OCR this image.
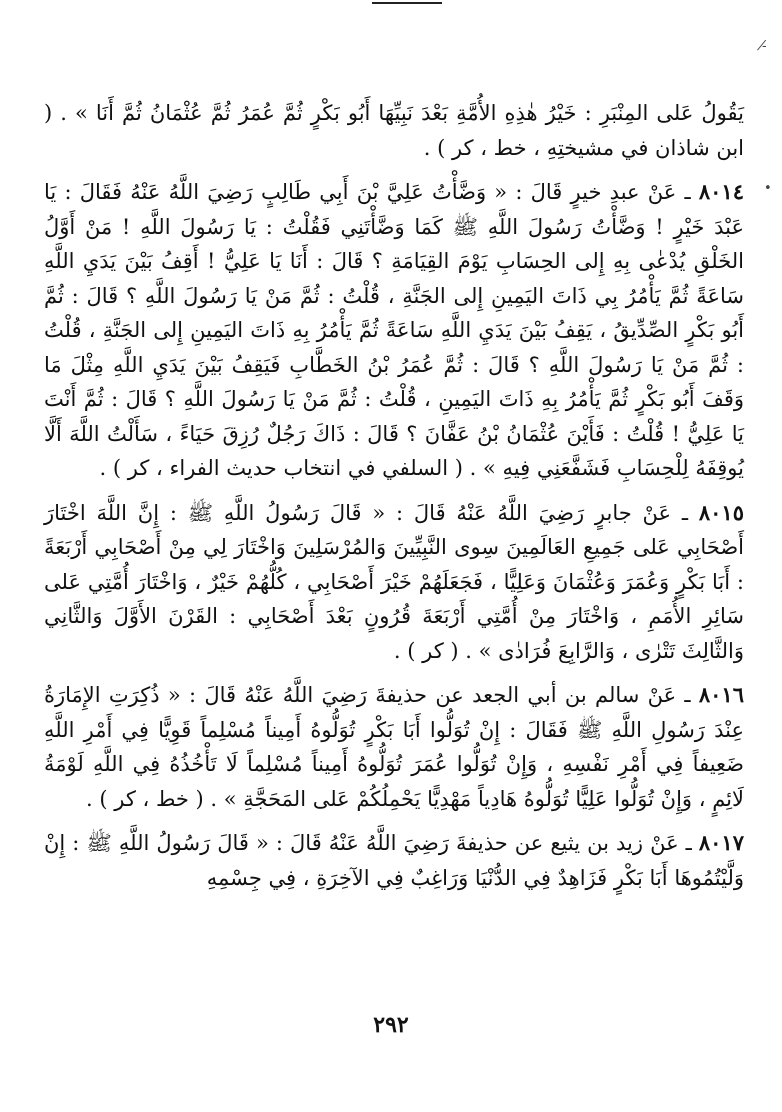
‐̸
•

يَقُولُ عَلى المِنْبَرِ : خَيْرُ هٰذِهِ الأُمَّةِ بَعْدَ نَبِيِّهَا أَبُو بَكْرٍ ثُمَّ عُمَرُ ثُمَّ عُثْمَانُ ثُمَّ أَنَا » . ( ابن شاذان في مشيختِهِ ، خط ، كر ) .

٨٠١٤ ـ عَنْ عبدِ خيرٍ قَالَ : « وَضَّأْتُ عَلِيَّ بْنَ أَبِي طَالِبٍ رَضِيَ اللَّهُ عَنْهُ فَقَالَ : يَا عَبْدَ خَيْرٍ ! وَضَّأْتُ رَسُولَ اللَّهِ ﷺ كَمَا وَضَّأْتَنِي فَقُلْتُ : يَا رَسُولَ اللَّهِ ! مَنْ أَوَّلُ الخَلْقِ يُدْعٰى بِهِ إِلى الحِسَابِ يَوْمَ القِيَامَةِ ؟ قَالَ : أَنَا يَا عَلِيُّ ! أَقِفُ بَيْنَ يَدَيِ اللَّهِ سَاعَةً ثُمَّ يَأْمُرُ بِي ذَاتَ اليَمِينِ إِلى الجَنَّةِ ، قُلْتُ : ثُمَّ مَنْ يَا رَسُولَ اللَّهِ ؟ قَالَ : ثُمَّ أَبُو بَكْرٍ الصِّدِّيقُ ، يَقِفُ بَيْنَ يَدَيِ اللَّهِ سَاعَةً ثُمَّ يَأْمُرُ بِهِ ذَاتَ اليَمِينِ إِلى الجَنَّةِ ، قُلْتُ : ثُمَّ مَنْ يَا رَسُولَ اللَّهِ ؟ قَالَ : ثُمَّ عُمَرُ بْنُ الخَطَّابِ فَيَقِفُ بَيْنَ يَدَيِ اللَّهِ مِثْلَ مَا وَقَفَ أَبُو بَكْرٍ ثُمَّ يَأْمُرُ بِهِ ذَاتَ اليَمِينِ ، قُلْتُ : ثُمَّ مَنْ يَا رَسُولَ اللَّهِ ؟ قَالَ : ثُمَّ أَنْتَ يَا عَلِيُّ ! قُلْتُ : فَأَيْنَ عُثْمَانُ بْنُ عَفَّانَ ؟ قَالَ : ذَاكَ رَجُلٌ رُزِقَ حَيَاءً ، سَأَلْتُ اللَّهَ أَلَّا يُوقِفَهُ لِلْحِسَابِ فَشَفَّعَنِي فِيهِ » . ( السلفي في انتخاب حديث الفراء ، كر ) .

٨٠١٥ ـ عَنْ جابرٍ رَضِيَ اللَّهُ عَنْهُ قَالَ : « قَالَ رَسُولُ اللَّهِ ﷺ : إِنَّ اللَّهَ اخْتَارَ أَصْحَابِي عَلى جَمِيعِ العَالَمِينَ سِوى النَّبِيِّينَ وَالمُرْسَلِينَ وَاخْتَارَ لِي مِنْ أَصْحَابِي أَرْبَعَةً : أَبَا بَكْرٍ وَعُمَرَ وَعُثْمَانَ وَعَلِيًّا ، فَجَعَلَهُمْ خَيْرَ أَصْحَابِي ، كُلُّهُمْ خَيْرٌ ، وَاخْتَارَ أُمَّتِي عَلى سَائِرِ الأُمَمِ ، وَاخْتَارَ مِنْ أُمَّتِي أَرْبَعَةَ قُرُونٍ بَعْدَ أَصْحَابِي : القَرْنَ الأَوَّلَ وَالثَّانِي وَالثَّالِثَ تَتْرٰى ، وَالرَّابِعَ فُرَادٰى » . ( كر ) .

٨٠١٦ ـ عَنْ سالم بن أبي الجعد عن حذيفةَ رَضِيَ اللَّهُ عَنْهُ قَالَ : « ذُكِرَتِ الإِمَارَةُ عِنْدَ رَسُولِ اللَّهِ ﷺ فَقَالَ : إِنْ تُوَلُّوا أَبَا بَكْرٍ تُوَلُّوهُ أَمِيناً مُسْلِماً قَوِيًّا فِي أَمْرِ اللَّهِ ضَعِيفاً فِي أَمْرِ نَفْسِهِ ، وَإِنْ تُوَلُّوا عُمَرَ تُوَلُّوهُ أَمِيناً مُسْلِماً لَا تَأْخُذُهُ فِي اللَّهِ لَوْمَةُ لَائِمٍ ، وَإِنْ تُوَلُّوا عَلِيًّا تُوَلُّوهُ هَادِياً مَهْدِيًّا يَحْمِلُكُمْ عَلى المَحَجَّةِ » . ( خط ، كر ) .

٨٠١٧ ـ عَنْ زيد بن يثيع عن حذيفةَ رَضِيَ اللَّهُ عَنْهُ قَالَ : « قَالَ رَسُولُ اللَّهِ ﷺ : إِنْ وَلَّيْتُمُوهَا أَبَا بَكْرٍ فَزَاهِدٌ فِي الدُّنْيَا وَرَاغِبٌ فِي الآخِرَةِ ، فِي جِسْمِهِ

٢٩٢
